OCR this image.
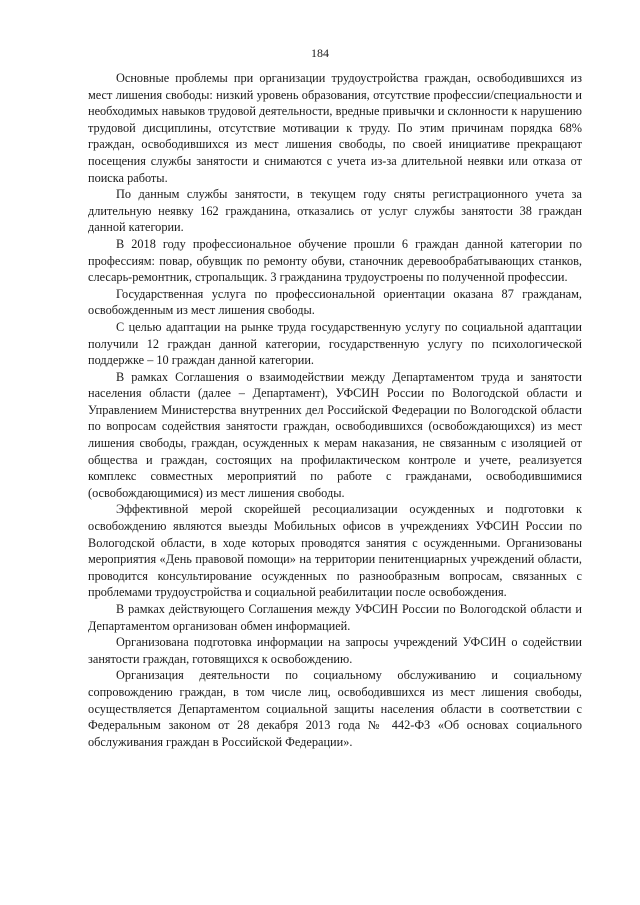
184

Основные проблемы при организации трудоустройства граждан, освободившихся из мест лишения свободы: низкий уровень образования, отсутствие профессии/специальности и необходимых навыков трудовой деятельности, вредные привычки и склонности к нарушению трудовой дисциплины, отсутствие мотивации к труду. По этим причинам порядка 68% граждан, освободившихся из мест лишения свободы, по своей инициативе прекращают посещения службы занятости и снимаются с учета из-за длительной неявки или отказа от поиска работы.

По данным службы занятости, в текущем году сняты регистрационного учета за длительную неявку 162 гражданина, отказались от услуг службы занятости 38 граждан данной категории.

В 2018 году профессиональное обучение прошли 6 граждан данной категории по профессиям: повар, обувщик по ремонту обуви, станочник деревообрабатывающих станков, слесарь-ремонтник, стропальщик. 3 гражданина трудоустроены по полученной профессии.

Государственная услуга по профессиональной ориентации оказана 87 гражданам, освобожденным из мест лишения свободы.

С целью адаптации на рынке труда государственную услугу по социальной адаптации получили 12 граждан данной категории, государственную услугу по психологической поддержке – 10 граждан данной категории.

В рамках Соглашения о взаимодействии между Департаментом труда и занятости населения области (далее – Департамент), УФСИН России по Вологодской области и Управлением Министерства внутренних дел Российской Федерации по Вологодской области по вопросам содействия занятости граждан, освободившихся (освобождающихся) из мест лишения свободы, граждан, осужденных к мерам наказания, не связанным с изоляцией от общества и граждан, состоящих на профилактическом контроле и учете, реализуется комплекс совместных мероприятий по работе с гражданами, освободившимися (освобождающимися) из мест лишения свободы.

Эффективной мерой скорейшей ресоциализации осужденных и подготовки к освобождению являются выезды Мобильных офисов в учреждениях УФСИН России по Вологодской области, в ходе которых проводятся занятия с осужденными. Организованы мероприятия «День правовой помощи» на территории пенитенциарных учреждений области, проводится консультирование осужденных по разнообразным вопросам, связанных с проблемами трудоустройства и социальной реабилитации после освобождения.

В рамках действующего Соглашения между УФСИН России по Вологодской области и Департаментом организован обмен информацией.

Организована подготовка информации на запросы учреждений УФСИН о содействии занятости граждан, готовящихся к освобождению.

Организация деятельности по социальному обслуживанию и социальному сопровождению граждан, в том числе лиц, освободившихся из мест лишения свободы, осуществляется Департаментом социальной защиты населения области в соответствии с Федеральным законом от 28 декабря 2013 года № 442-ФЗ «Об основах социального обслуживания граждан в Российской Федерации».
